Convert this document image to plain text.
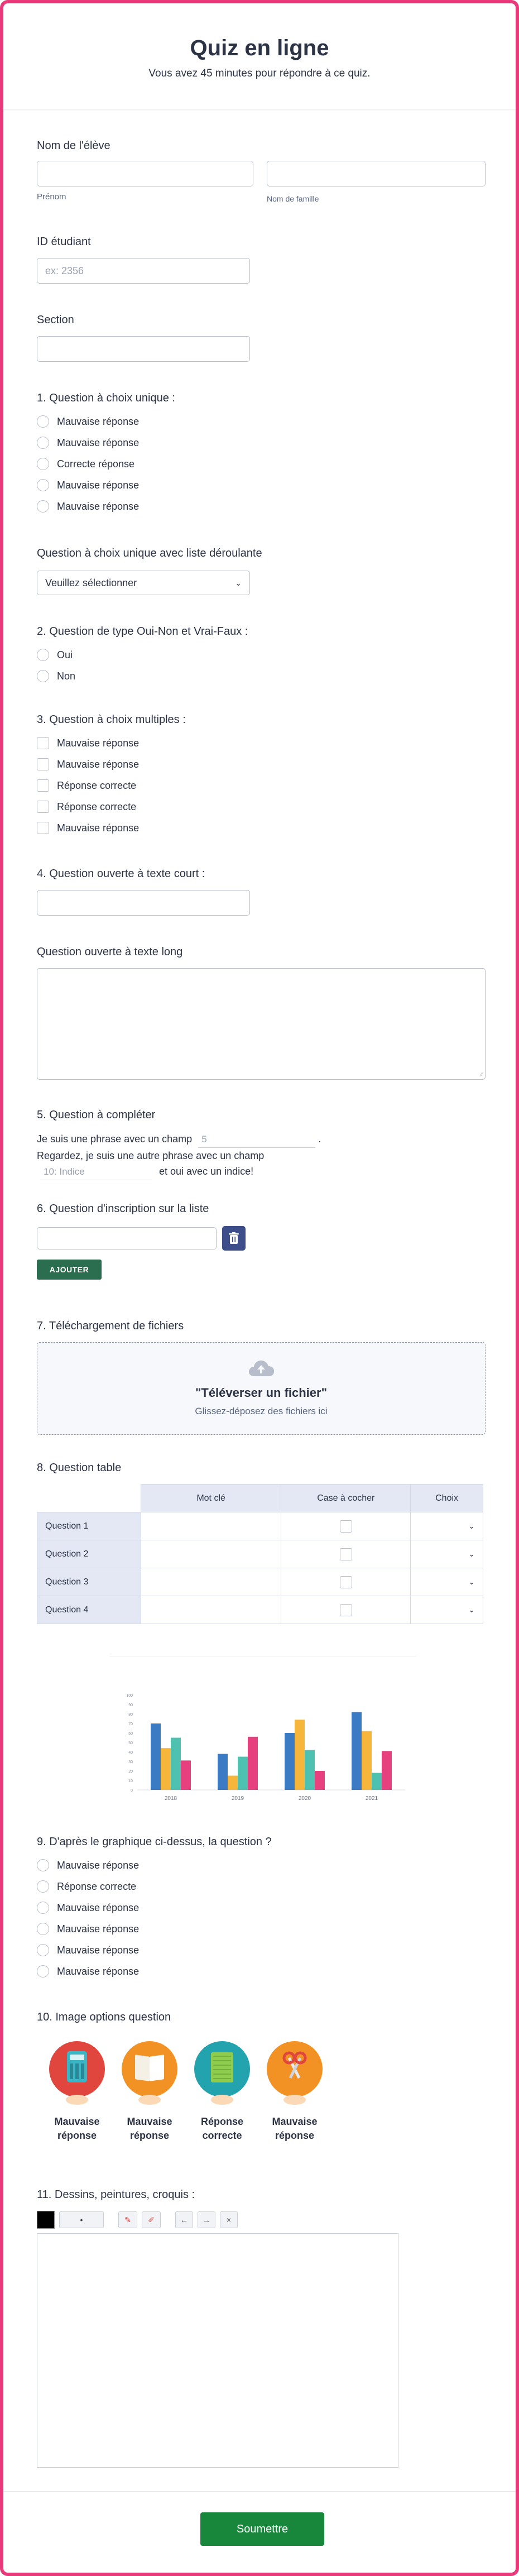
Quiz en ligne

Vous avez 45 minutes pour répondre à ce quiz.

Nom de l'élève
Prénom	Nom de famille
ID étudiant
ex: 2356
Section
1. Question à choix unique :
Mauvaise réponse
Mauvaise réponse
Correcte réponse
Mauvaise réponse
Mauvaise réponse
Question à choix unique avec liste déroulante
Veuillez sélectionner	⌄
2. Question de type Oui-Non et Vrai-Faux :
Oui
Non
3. Question à choix multiples :
Mauvaise réponse
Mauvaise réponse
Réponse correcte
Réponse correcte
Mauvaise réponse
4. Question ouverte à texte court :
Question ouverte à texte long
∕∕
5. Question à compléter
Je suis une phrase avec un champ 5	.
Regardez, je suis une autre phrase avec un champ
10: Indice	et oui avec un indice!
6. Question d'inscription sur la liste
AJOUTER
7. Téléchargement de fichiers
"Téléverser un fichier"
Glissez-déposez des fichiers ici
8. Question table
	Mot clé	Case à cocher	Choix
Question 1			⌄
Question 2			⌄
Question 3			⌄
Question 4			⌄
0
10
20
30
40
50
60
70
80
90
100
2018	2019	2020	2021
9. D'après le graphique ci-dessus, la question ?
Mauvaise réponse
Réponse correcte
Mauvaise réponse
Mauvaise réponse
Mauvaise réponse
Mauvaise réponse
10. Image options question
Mauvaise réponse
Mauvaise réponse
Réponse correcte
Mauvaise réponse
11. Dessins, peintures, croquis :
•	✎	✐	←	→	×
Soumettre
